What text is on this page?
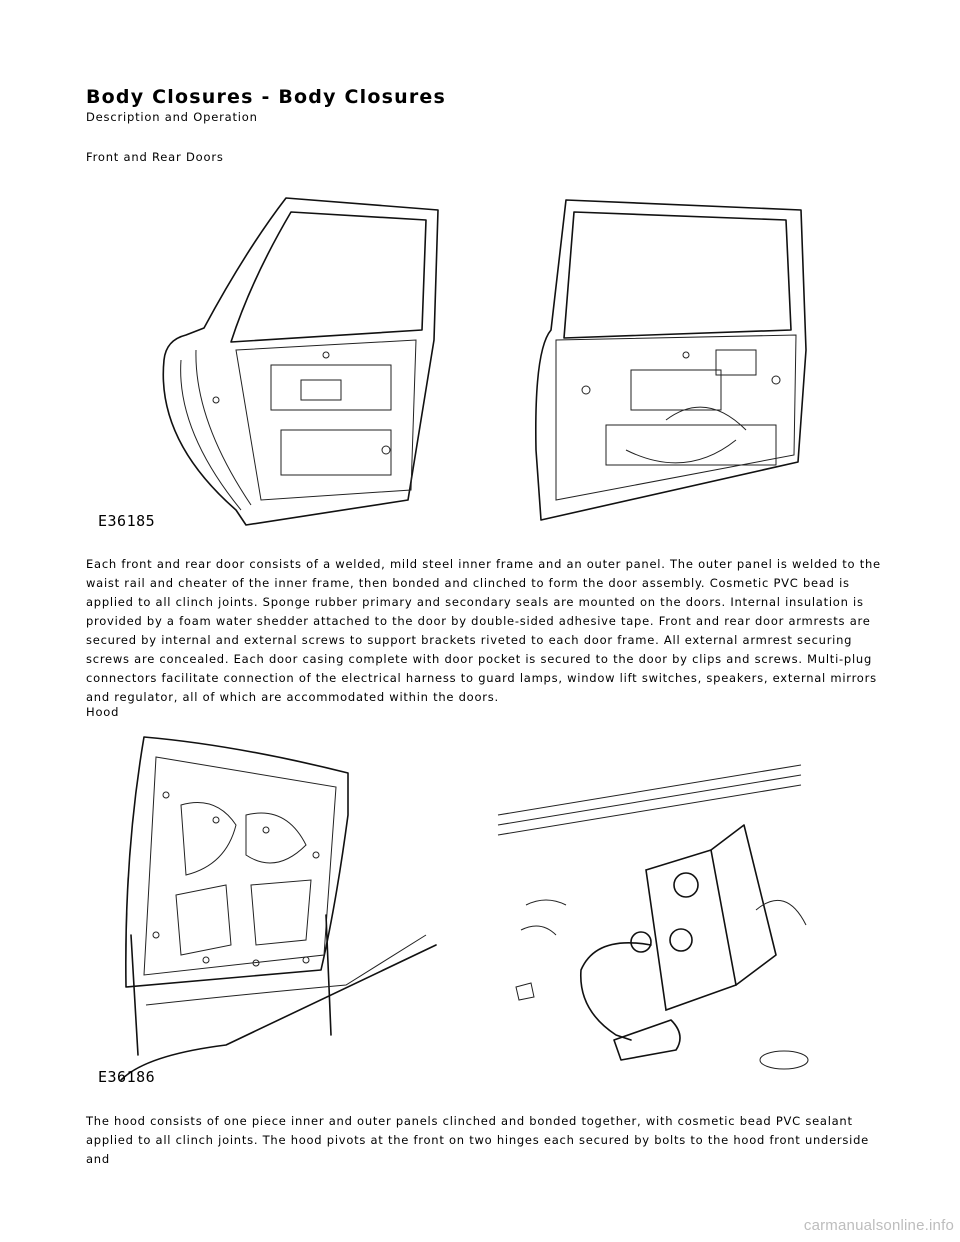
Body Closures - Body Closures
Description and Operation
Front and Rear Doors
E36185

Each front and rear door consists of a welded, mild steel inner frame and an outer panel. The outer panel is welded to the waist rail and cheater of the inner frame, then bonded and clinched to form the door assembly. Cosmetic PVC bead is applied to all clinch joints. Sponge rubber primary and secondary seals are mounted on the doors. Internal insulation is provided by a foam water shedder attached to the door by double-sided adhesive tape. Front and rear door armrests are secured by internal and external screws to support brackets riveted to each door frame. All external armrest securing screws are concealed. Each door casing complete with door pocket is secured to the door by clips and screws. Multi-plug connectors facilitate connection of the electrical harness to guard lamps, window lift switches, speakers, external mirrors and regulator, all of which are accommodated within the doors.

Hood
E36186

The hood consists of one piece inner and outer panels clinched and bonded together, with cosmetic bead PVC sealant applied to all clinch joints. The hood pivots at the front on two hinges each secured by bolts to the hood front underside and

carmanualsonline.info
